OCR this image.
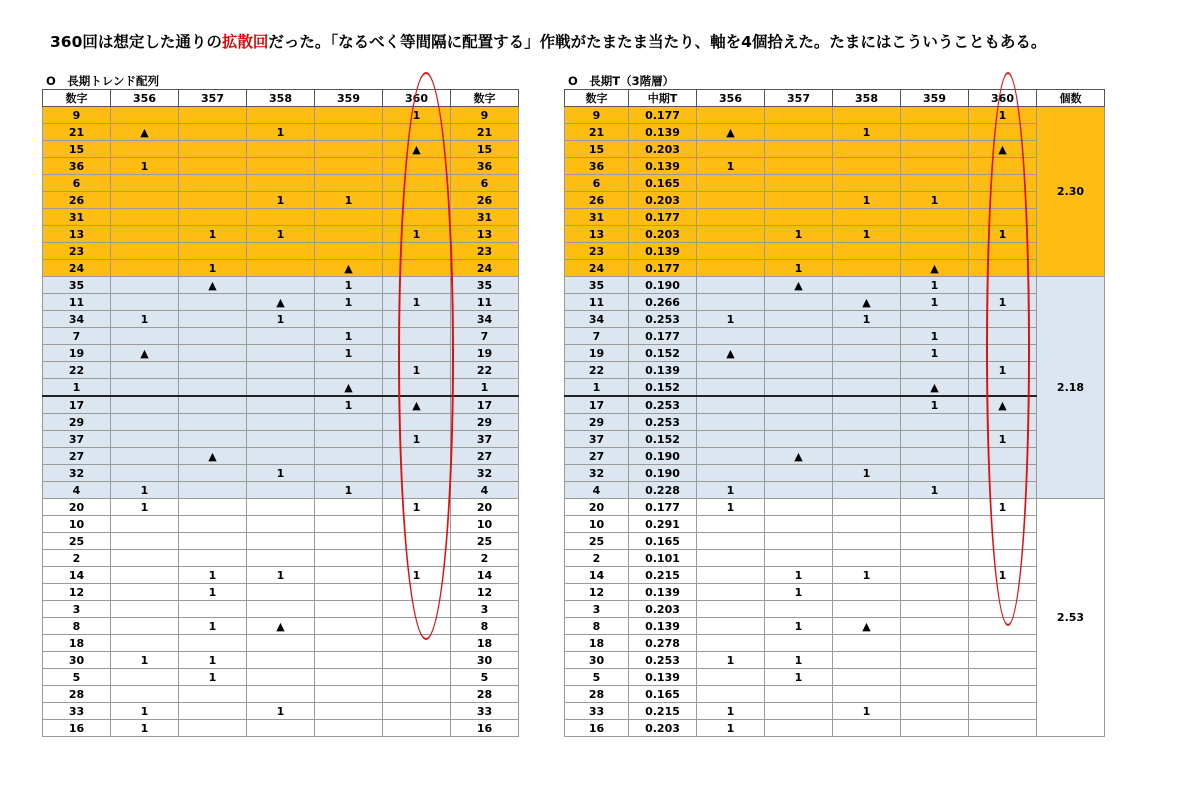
360回は想定した通りの拡散回だった。「なるべく等間隔に配置する」作戦がたまたま当たり、軸を4個拾えた。たまにはこういうこともある。
O　長期トレンド配列
数字	356	357	358	359	360	数字
9					1	9
21	▲		1			21
15					▲	15
36	1					36
6						6
26			1	1		26
31						31
13		1	1		1	13
23						23
24		1		▲		24
35		▲		1		35
11			▲	1	1	11
34	1		1			34
7				1		7
19	▲			1		19
22					1	22
1				▲		1
17				1	▲	17
29						29
37					1	37
27		▲				27
32			1			32
4	1			1		4
20	1				1	20
10						10
25						25
2						2
14		1	1		1	14
12		1				12
3						3
8		1	▲			8
18						18
30	1	1				30
5		1				5
28						28
33	1		1			33
16	1					16
O　長期T（3階層）
数字	中期T	356	357	358	359	360	個数
9	0.177					1	2.30
21	0.139	▲		1			
15	0.203					▲	
36	0.139	1					
6	0.165						
26	0.203			1	1		
31	0.177						
13	0.203		1	1		1	
23	0.139						
24	0.177		1		▲		
35	0.190		▲		1		2.18
11	0.266			▲	1	1	
34	0.253	1		1			
7	0.177				1		
19	0.152	▲			1		
22	0.139					1	
1	0.152				▲		
17	0.253				1	▲	
29	0.253						
37	0.152					1	
27	0.190		▲				
32	0.190			1			
4	0.228	1			1		
20	0.177	1				1	2.53
10	0.291						
25	0.165						
2	0.101						
14	0.215		1	1		1	
12	0.139		1				
3	0.203						
8	0.139		1	▲			
18	0.278						
30	0.253	1	1				
5	0.139		1				
28	0.165						
33	0.215	1		1			
16	0.203	1					
